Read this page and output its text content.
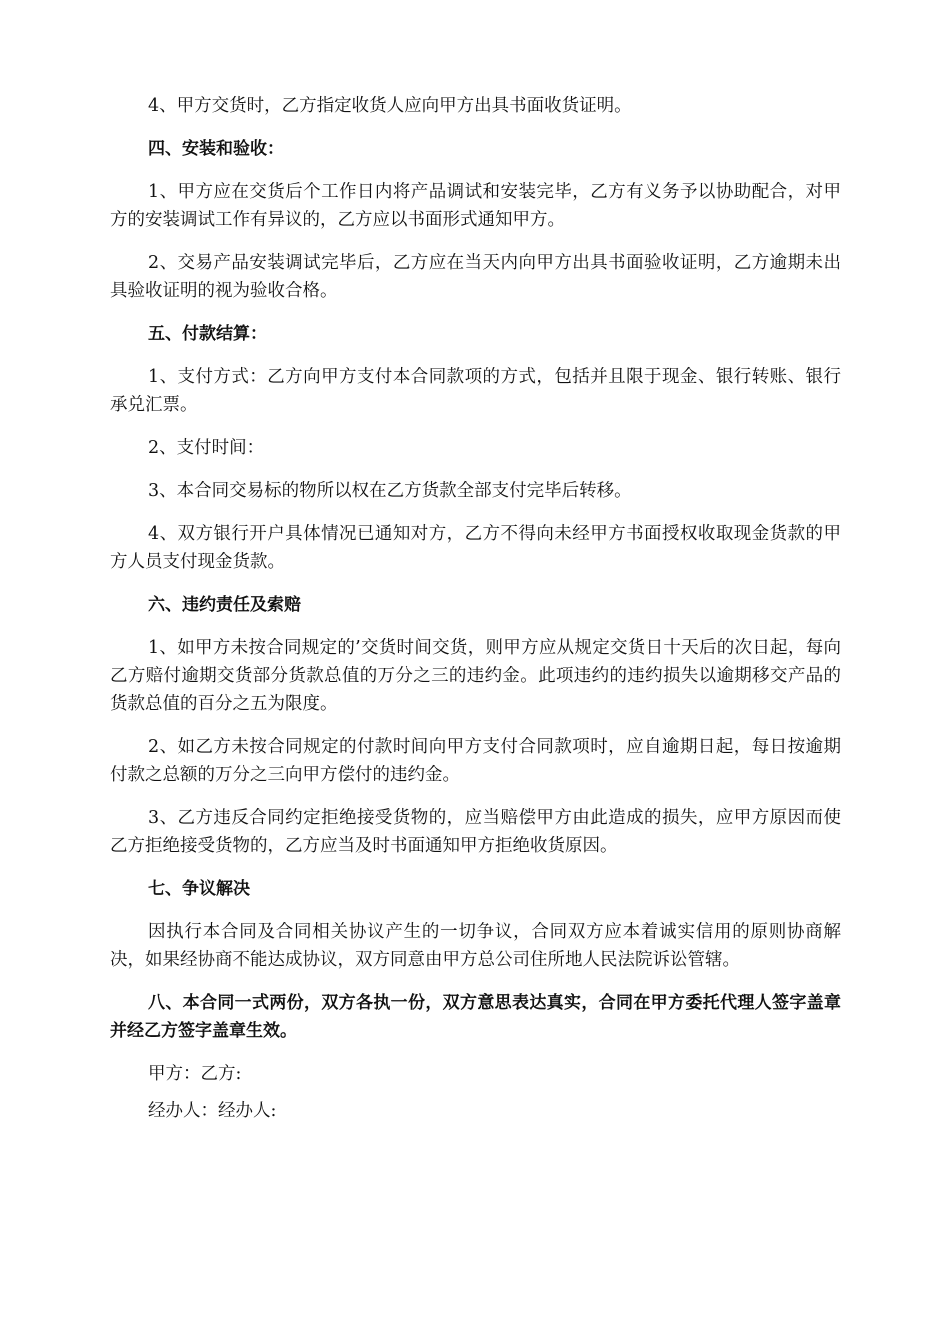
4、甲方交货时，乙方指定收货人应向甲方出具书面收货证明。

四、安装和验收：

1、甲方应在交货后个工作日内将产品调试和安装完毕，乙方有义务予以协助配合，对甲方的安装调试工作有异议的，乙方应以书面形式通知甲方。

2、交易产品安装调试完毕后，乙方应在当天内向甲方出具书面验收证明，乙方逾期未出具验收证明的视为验收合格。

五、付款结算：

1、支付方式：乙方向甲方支付本合同款项的方式，包括并且限于现金、银行转账、银行承兑汇票。

2、支付时间：

3、本合同交易标的物所以权在乙方货款全部支付完毕后转移。

4、双方银行开户具体情况已通知对方，乙方不得向未经甲方书面授权收取现金货款的甲方人员支付现金货款。

六、违约责任及索赔

1、如甲方未按合同规定的’交货时间交货，则甲方应从规定交货日十天后的次日起，每向乙方赔付逾期交货部分货款总值的万分之三的违约金。此项违约的违约损失以逾期移交产品的货款总值的百分之五为限度。

2、如乙方未按合同规定的付款时间向甲方支付合同款项时，应自逾期日起，每日按逾期付款之总额的万分之三向甲方偿付的违约金。

3、乙方违反合同约定拒绝接受货物的，应当赔偿甲方由此造成的损失，应甲方原因而使乙方拒绝接受货物的，乙方应当及时书面通知甲方拒绝收货原因。

七、争议解决

因执行本合同及合同相关协议产生的一切争议，合同双方应本着诚实信用的原则协商解决，如果经协商不能达成协议，双方同意由甲方总公司住所地人民法院诉讼管辖。

八、本合同一式两份，双方各执一份，双方意思表达真实，合同在甲方委托代理人签字盖章并经乙方签字盖章生效。

甲方：乙方:

经办人：经办人:
